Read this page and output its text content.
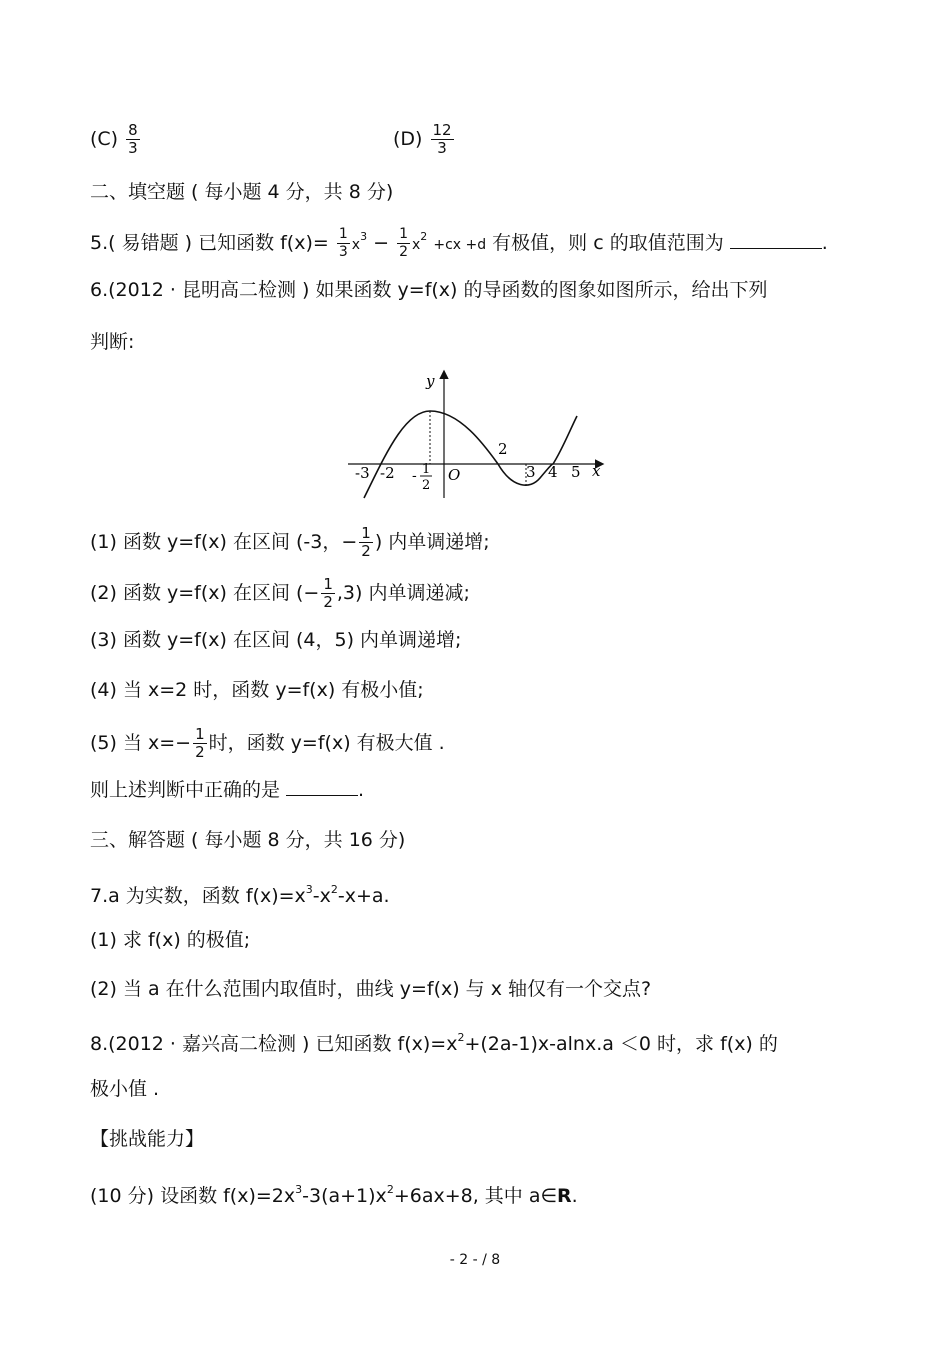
$(C) \frac{8}{3}$	$(D) \frac{12}{3}$
二、填空题 ( 每小题 4 分，共 8 分)
5.( 易错题 ) 已知函数 $f(x)= \frac{1}{3} x^3 - \frac{1}{2} x^2 +cx +d$ 有极值，则 c 的取值范围为	.
6.(2012 · 昆明高二检测 ) 如果函数 y=f(x) 的导函数的图象如图所示，给出下列
判断:
y
x
O
-3 -2 - 1
2
2
3 4 5
(1) 函数 y=f(x) 在区间 (-3，− $\frac{1}{2}$ ) 内单调递增;
(2) 函数 y=f(x) 在区间 (− $\frac{1}{2} ,3$) 内单调递减;
(3) 函数 y=f(x) 在区间 (4，5) 内单调递增;
(4) 当 x=2 时，函数 y=f(x) 有极小值;
(5) 当 $x=- \frac{1}{2}$ 时，函数 y=f(x) 有极大值 .
则上述判断中正确的是	.
三、解答题 ( 每小题 8 分，共 16 分)
7.a 为实数，函数 $f(x)=x^3-x^2-x+a$.
(1) 求 f(x) 的极值;
(2) 当 a 在什么范围内取值时，曲线 y=f(x) 与 x 轴仅有一个交点?
8.(2012 · 嘉兴高二检测 ) 已知函数 $f(x)=x^2+(2a-1)x-alnx.a <0$ 时，求 f(x) 的
极小值 .
【挑战能力】
(10 分) 设函数 $f(x)=2x^3-3(a+1)x^2+6ax+8$, 其中 a∈R.
- 2 - / 8
